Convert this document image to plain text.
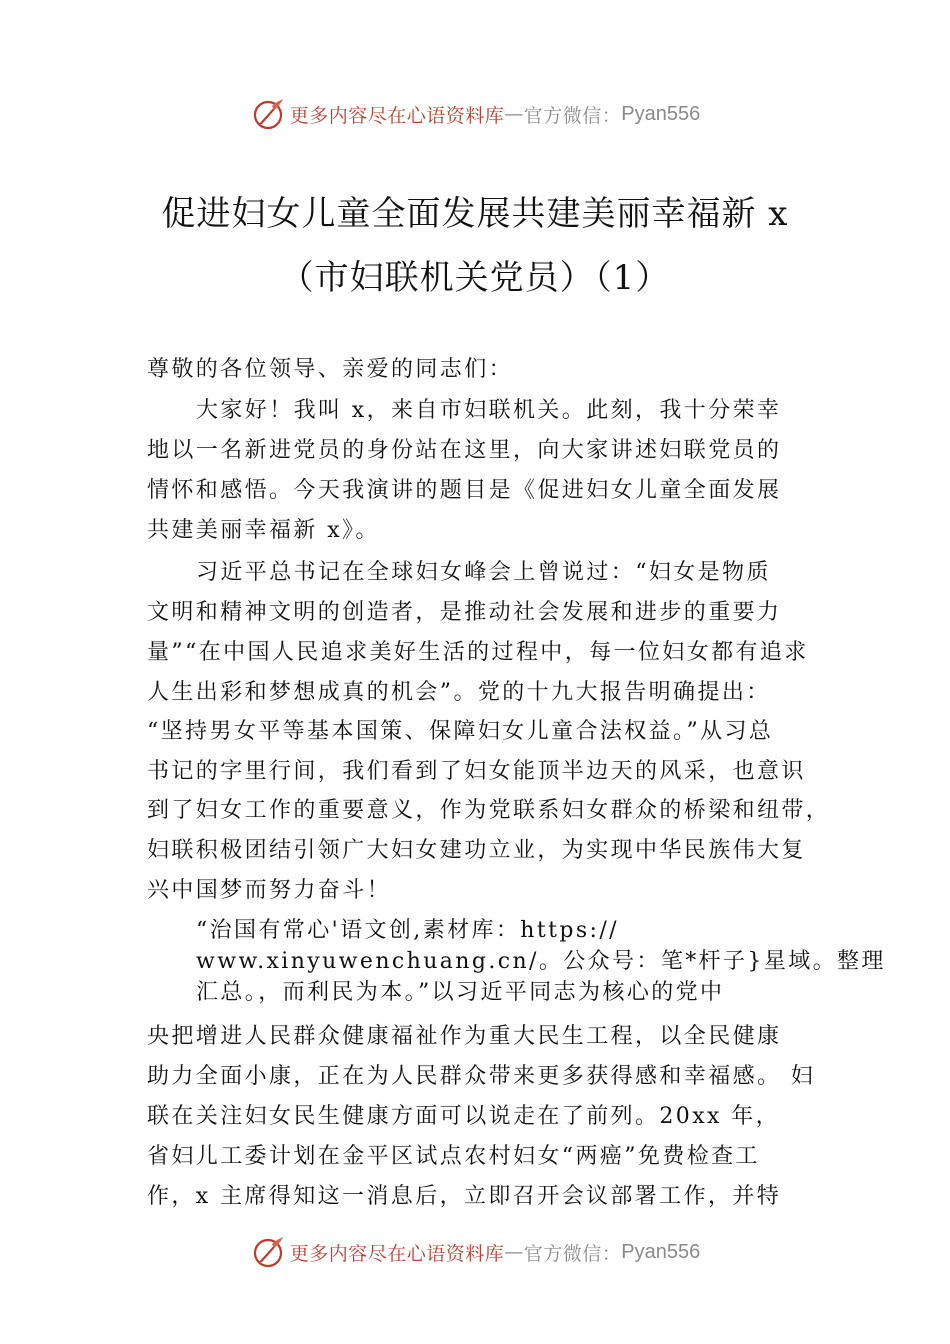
更多内容尽在心语资料库 — 官方微信： Pyan556
促进妇女儿童全面发展共建美丽幸福新 x
（市妇联机关党员）（1）
尊敬的各位领导、亲爱的同志们：
大家好！我叫 x，来自市妇联机关。此刻，我十分荣幸
地以一名新进党员的身份站在这里，向大家讲述妇联党员的
情怀和感悟。今天我演讲的题目是《促进妇女儿童全面发展
共建美丽幸福新 x》。
习近平总书记在全球妇女峰会上曾说过：“妇女是物质
文明和精神文明的创造者，是推动社会发展和进步的重要力
量”“在中国人民追求美好生活的过程中，每一位妇女都有追求
人生出彩和梦想成真的机会”。党的十九大报告明确提出：
“坚持男女平等基本国策、保障妇女儿童合法权益。”从习总
书记的字里行间，我们看到了妇女能顶半边天的风采，也意识
到了妇女工作的重要意义，作为党联系妇女群众的桥梁和纽带，
妇联积极团结引领广大妇女建功立业，为实现中华民族伟大复
兴中国梦而努力奋斗！
“治国有常心'语文创,素材库：https://
www.xinyuwenchuang.cn/。公众号：笔*杆子}星域。整理
汇总。，而利民为本。”以习近平同志为核心的党中
央把增进人民群众健康福祉作为重大民生工程，以全民健康
助力全面小康，正在为人民群众带来更多获得感和幸福感。 妇
联在关注妇女民生健康方面可以说走在了前列。20xx 年，
省妇儿工委计划在金平区试点农村妇女“两癌”免费检查工
作，x 主席得知这一消息后，立即召开会议部署工作，并特
更多内容尽在心语资料库 — 官方微信： Pyan556
